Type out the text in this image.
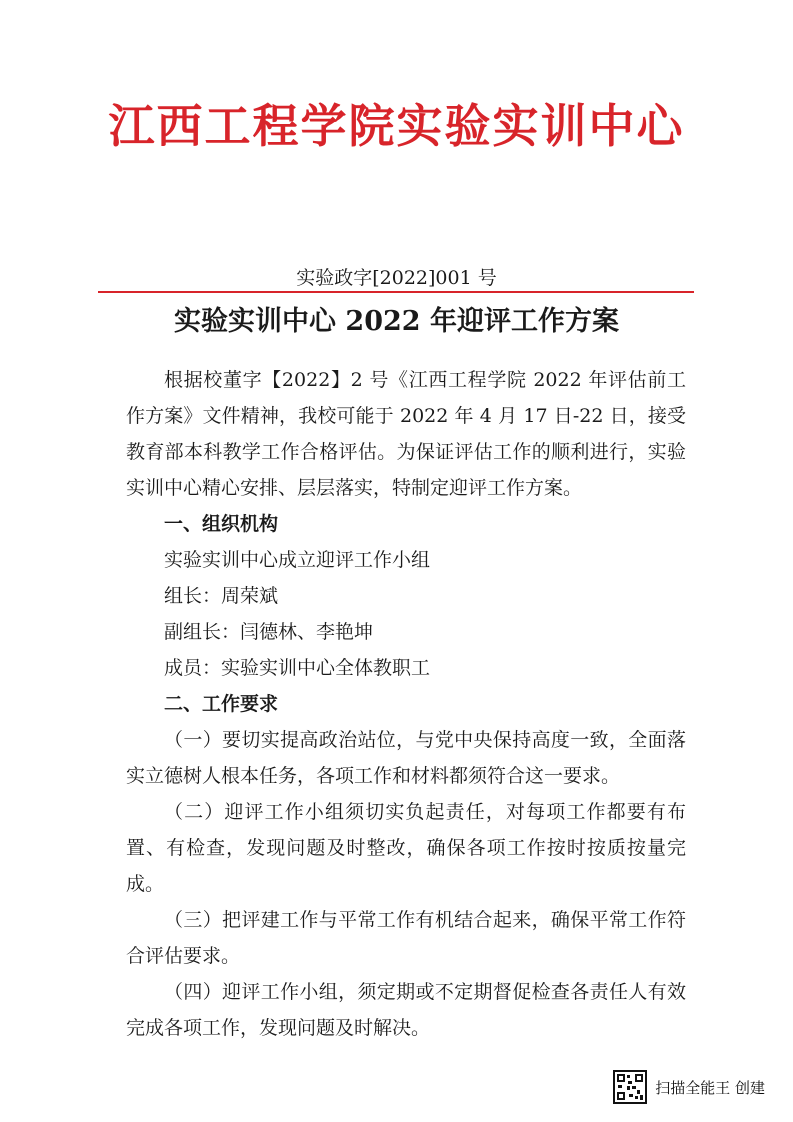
江西工程学院实验实训中心
实验政字[2022]001 号
实验实训中心 2022 年迎评工作方案

根据校董字【2022】2 号《江西工程学院 2022 年评估前工作方案》文件精神，我校可能于 2022 年 4 月 17 日-22 日，接受教育部本科教学工作合格评估。为保证评估工作的顺利进行，实验实训中心精心安排、层层落实，特制定迎评工作方案。

一、组织机构

实验实训中心成立迎评工作小组

组长：周荣斌

副组长：闫德林、李艳坤

成员：实验实训中心全体教职工

二、工作要求

（一）要切实提高政治站位，与党中央保持高度一致，全面落实立德树人根本任务，各项工作和材料都须符合这一要求。

（二）迎评工作小组须切实负起责任，对每项工作都要有布置、有检查，发现问题及时整改，确保各项工作按时按质按量完成。

（三）把评建工作与平常工作有机结合起来，确保平常工作符合评估要求。

（四）迎评工作小组，须定期或不定期督促检查各责任人有效完成各项工作，发现问题及时解决。

扫描全能王 创建
